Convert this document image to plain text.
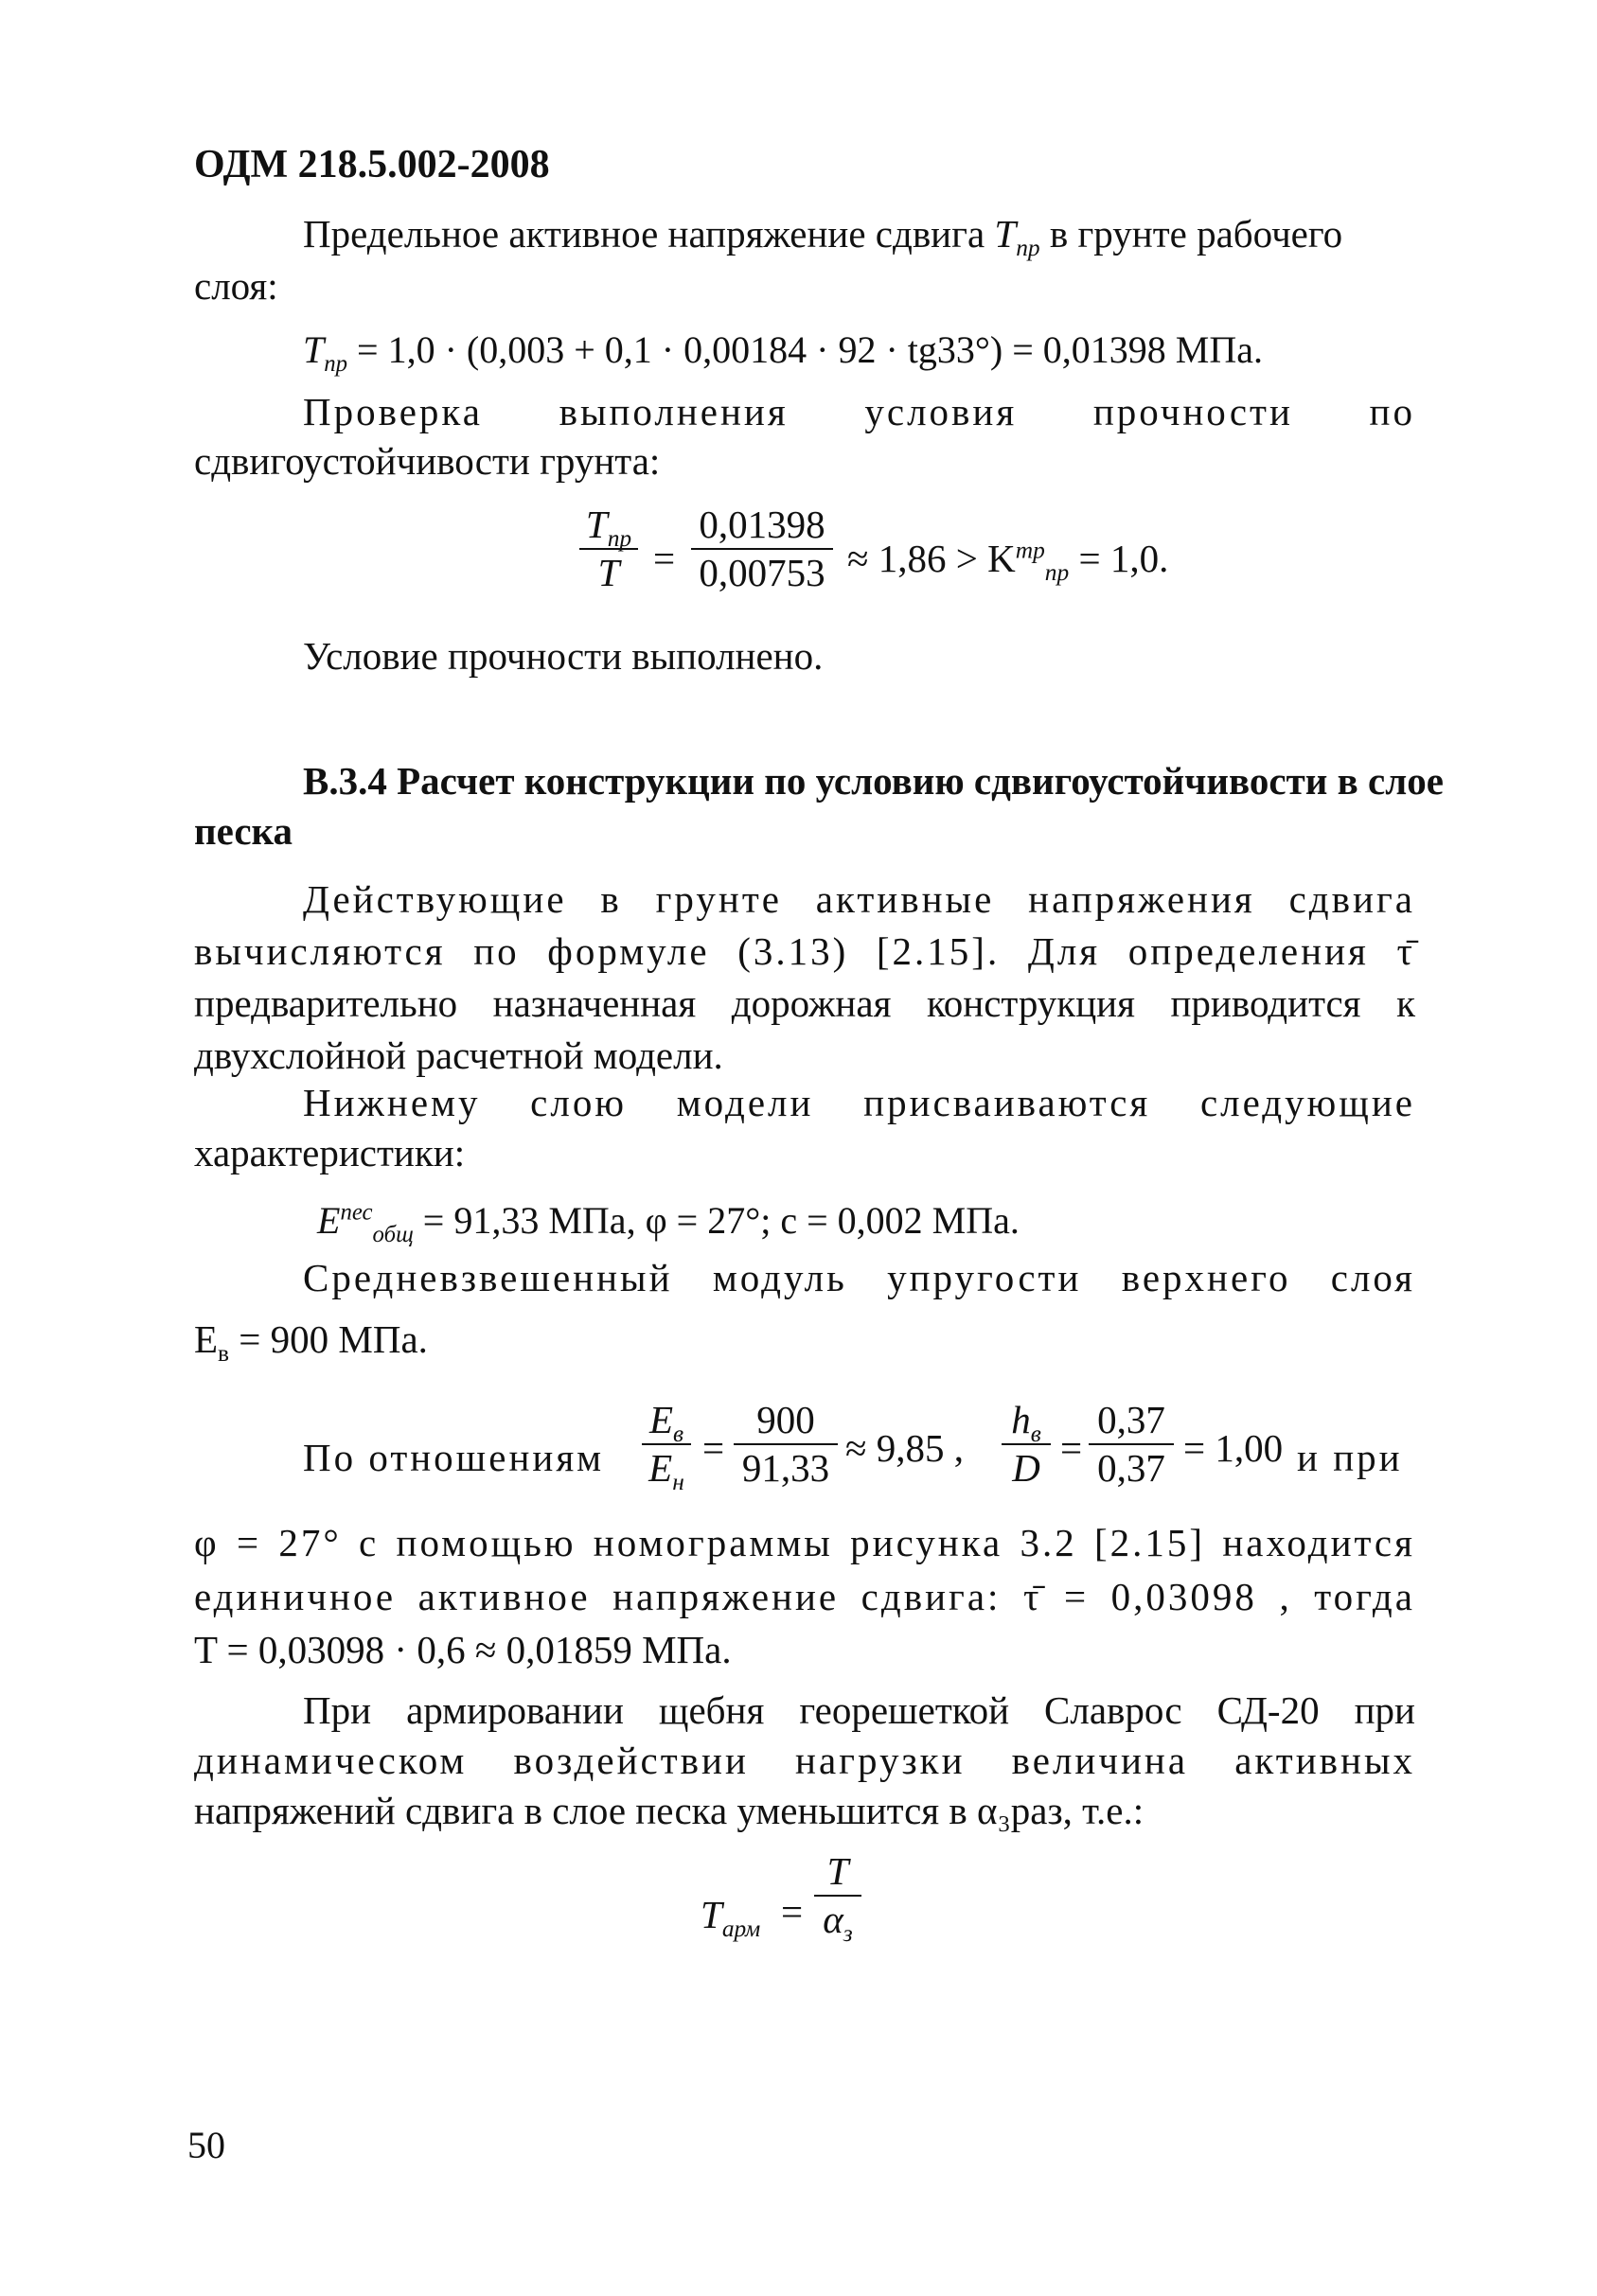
ОДМ 218.5.002-2008
Предельное активное напряжение сдвига $T_{пр}$ в грунте рабочего
слоя:
$T_{пр} = 1,0 \cdot (0,003 + 0,1 \cdot 0,00184 \cdot 92 \cdot tg33^\circ) = 0,01398$ МПа.
Проверка выполнения условия прочности по
сдвигоустойчивости грунта:
$T_{пр}$
T =
0,01398
$0,00753 \approx 1,86 > K^{тр}_{пр} = 1,0$.
Условие прочности выполнено.
В.3.4 Расчет конструкции по условию сдвигоустойчивости в слое
песка
Действующие в грунте активные напряжения сдвига
вычисляются по формуле (3.13) [2.15]. Для определения τ̄
предварительно назначенная дорожная конструкция приводится к
двухслойной расчетной модели.
Нижнему слою модели присваиваются следующие
характеристики:
$E^{пес}_{общ} = 91,33$ МПа, φ = 27°; c = 0,002 МПа.
Средневзвешенный модуль упругости верхнего слоя
$E_в = 900$ МПа.
По отношениям
$E_в$
$E_н$
=
900
91,33 ≈ 9,85 ,
$h_в$
D =
0,37
0,37 = 1,00 и при
φ = 27° с помощью номограммы рисунка 3.2 [2.15] находится
единичное активное напряжение сдвига: τ̄ = 0,03098 , тогда
T = 0,03098 · 0,6 ≈ 0,01859 МПа.
При армировании щебня георешеткой Славрос СД-20 при
динамическом воздействии нагрузки величина активных
напряжений сдвига в слое песка уменьшится в α₃раз, т.е.:
$T_{арм}$ =
T
$\alpha_з$
50
